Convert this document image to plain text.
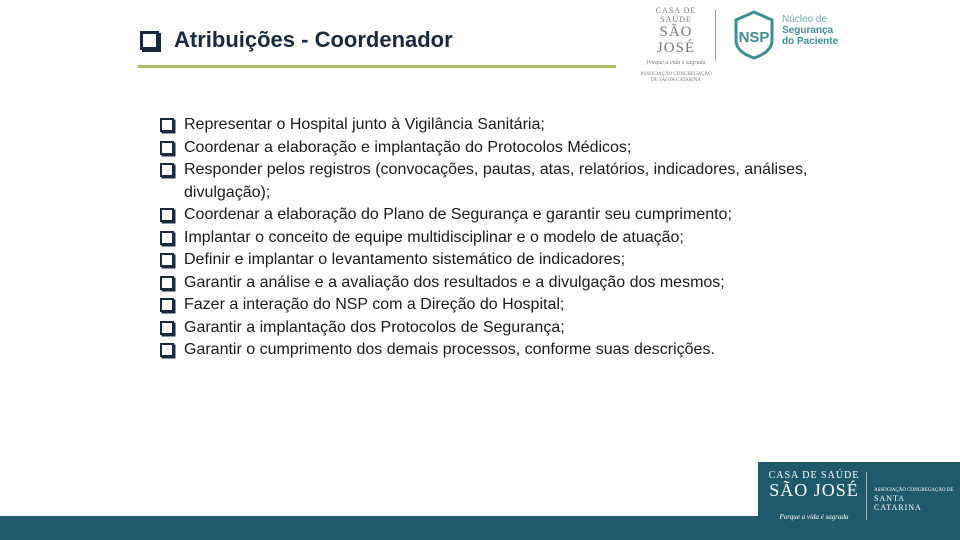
Atribuições - Coordenador
CASA DE SAÚDE
SÃO JOSÉ
Porque a vida é sagrada
ASSOCIAÇÃO CONGREGAÇÃO DE SANTA CATARINA
NSP
Núcleo de
Segurança
do Paciente
Representar o Hospital junto à Vigilância Sanitária;
Coordenar a elaboração e implantação do Protocolos Médicos;
Responder pelos registros (convocações, pautas, atas, relatórios, indicadores, análises, divulgação);
Coordenar a elaboração do Plano de Segurança e garantir seu cumprimento;
Implantar o conceito de equipe multidisciplinar e o modelo de atuação;
Definir e implantar o levantamento sistemático de indicadores;
Garantir a análise e a avaliação dos resultados e a divulgação dos mesmos;
Fazer a interação do NSP com a Direção do Hospital;
Garantir a implantação dos Protocolos de Segurança;
Garantir o cumprimento dos demais processos, conforme suas descrições.
CASA DE SAÚDE
SÃO JOSÉ
Porque a vida é sagrada
ASSOCIAÇÃO CONGREGAÇÃO DE
SANTA
CATARINA
